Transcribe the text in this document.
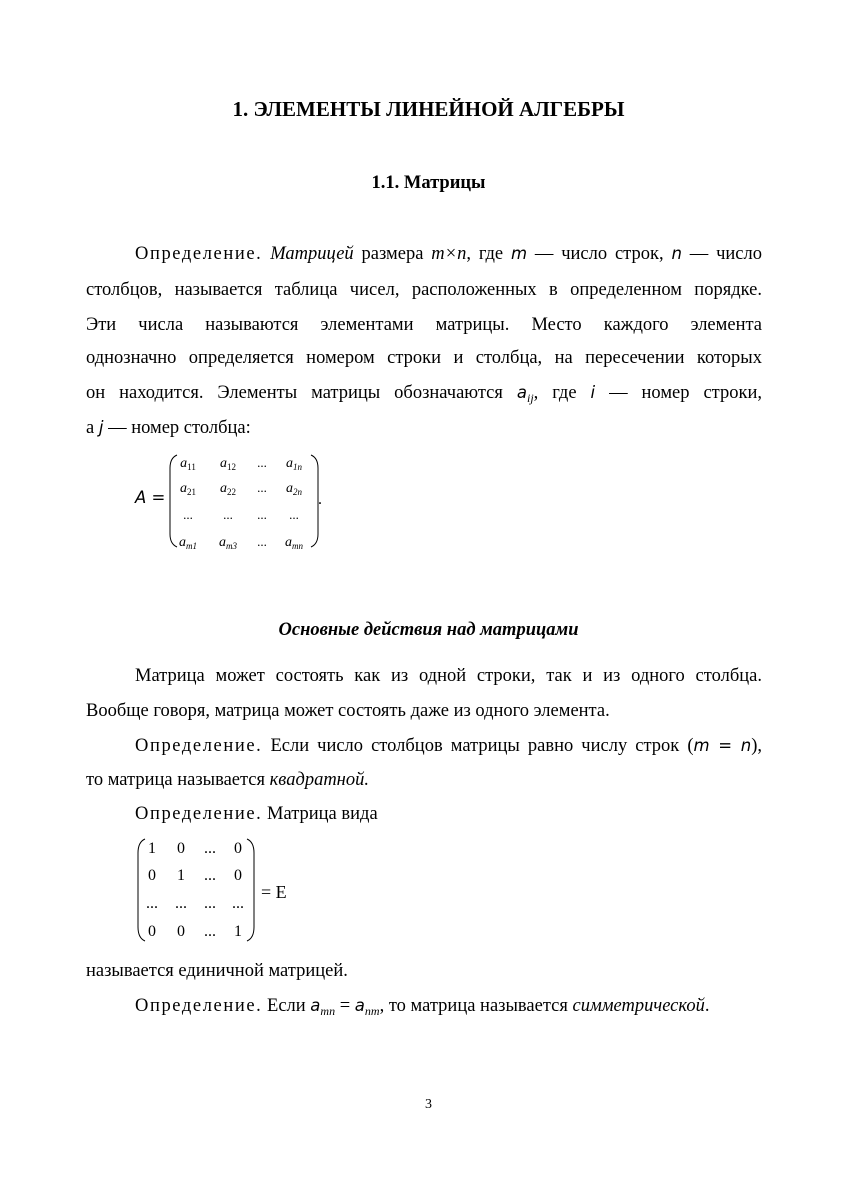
1. ЭЛЕМЕНТЫ ЛИНЕЙНОЙ АЛГЕБРЫ
1.1. Матрицы
Определение. Матрицей размера m×n, где m — число строк, n — число
столбцов, называется таблица чисел, расположенных в определенном порядке.
Эти числа называются элементами матрицы. Место каждого элемента
однозначно определяется номером строки и столбца, на пересечении которых
он находится. Элементы матрицы обозначаются $a_{ij}$, где i — номер строки,
а j — номер столбца:
A =
$a_{11}$	$a_{12}$	...	$a_{1n}$
$a_{21}$	$a_{22}$	...	$a_{2n}$
...	...	...	...
$a_{m1}$	$a_{m3}$	...	$a_{mn}$
.
Основные действия над матрицами
Матрица может состоять как из одной строки, так и из одного столбца.
Вообще говоря, матрица может состоять даже из одного элемента.
Определение. Если число столбцов матрицы равно числу строк (m = n),
то матрица называется квадратной.
Определение. Матрица вида
1	0	...	0
0	1	...	0
...	...	...	...
0	0	...	1
= E
называется единичной матрицей.
Определение. Если $a_{mn} = a_{nm}$, то матрица называется симметрической.
3
